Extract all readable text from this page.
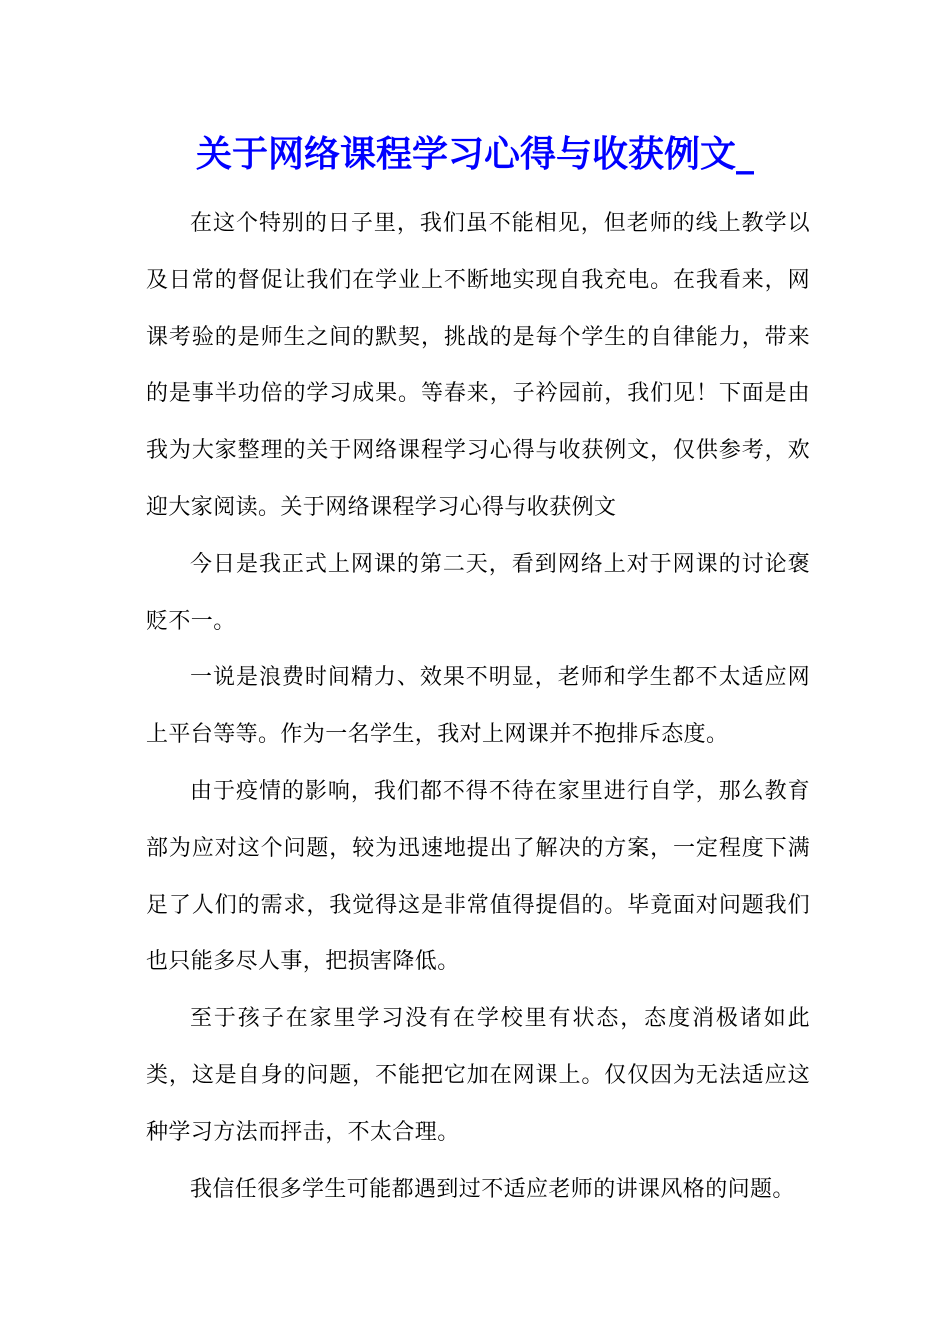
关于网络课程学习心得与收获例文_

在这个特别的日子里，我们虽不能相见，但老师的线上教学以及日常的督促让我们在学业上不断地实现自我充电。在我看来，网课考验的是师生之间的默契，挑战的是每个学生的自律能力，带来的是事半功倍的学习成果。等春来，子衿园前，我们见！下面是由我为大家整理的关于网络课程学习心得与收获例文，仅供参考，欢迎大家阅读。关于网络课程学习心得与收获例文

今日是我正式上网课的第二天，看到网络上对于网课的讨论褒贬不一。

一说是浪费时间精力、效果不明显，老师和学生都不太适应网上平台等等。作为一名学生，我对上网课并不抱排斥态度。

由于疫情的影响，我们都不得不待在家里进行自学，那么教育部为应对这个问题，较为迅速地提出了解决的方案，一定程度下满足了人们的需求，我觉得这是非常值得提倡的。毕竟面对问题我们也只能多尽人事，把损害降低。

至于孩子在家里学习没有在学校里有状态，态度消极诸如此类，这是自身的问题，不能把它加在网课上。仅仅因为无法适应这种学习方法而抨击，不太合理。

我信任很多学生可能都遇到过不适应老师的讲课风格的问题。
